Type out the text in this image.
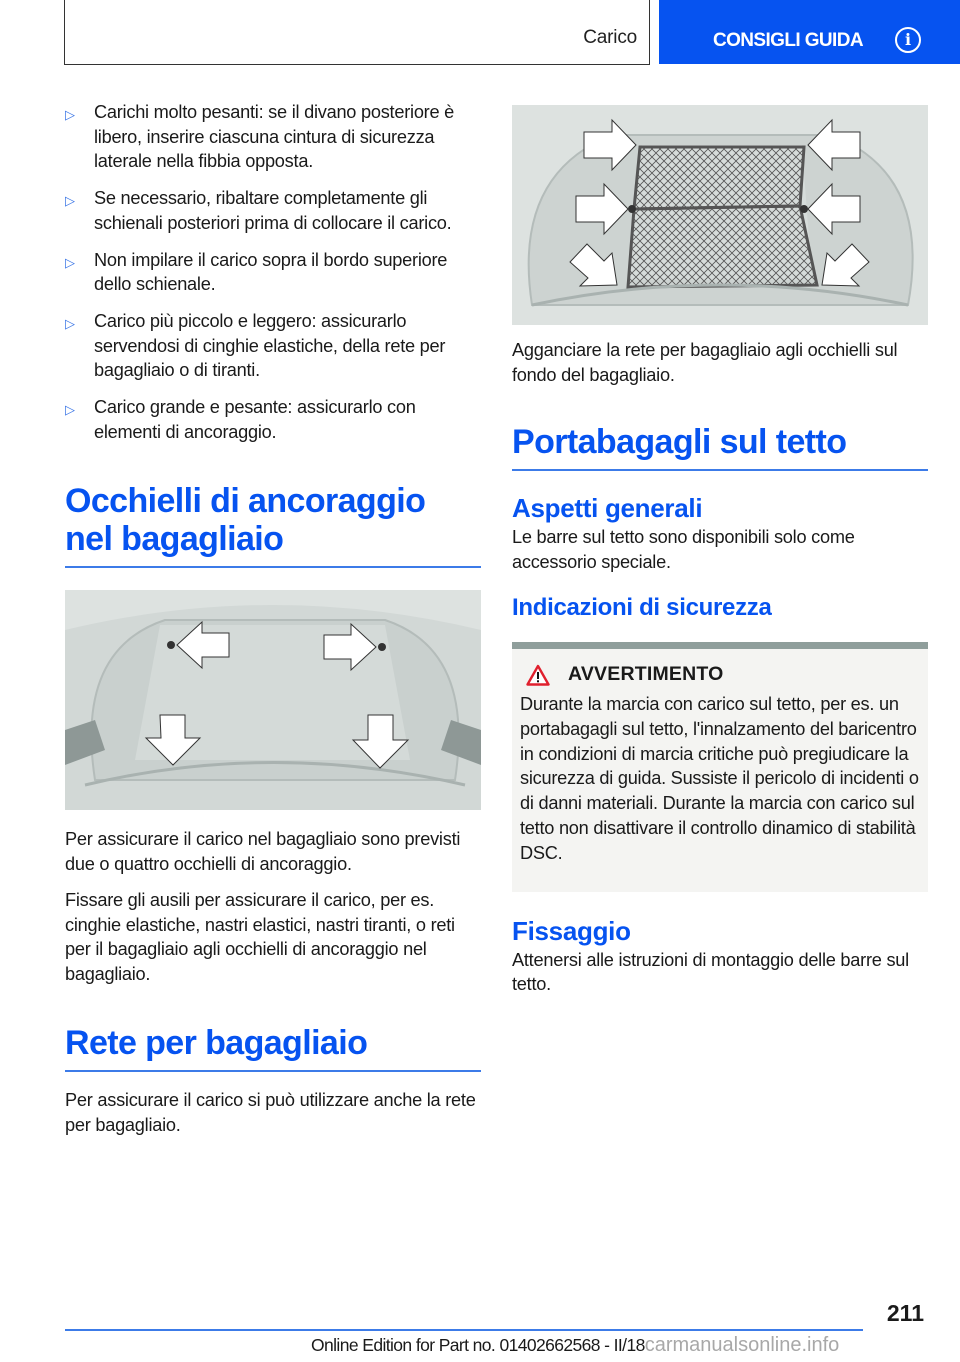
Carico	CONSIGLI GUIDA	i
▷ Carichi molto pesanti: se il divano posteriore è libero, inserire ciascuna cintura di sicurezza laterale nella fibbia opposta.
▷ Se necessario, ribaltare completamente gli schienali posteriori prima di collocare il carico.
▷ Non impilare il carico sopra il bordo superiore dello schienale.
▷ Carico più piccolo e leggero: assicurarlo servendosi di cinghie elastiche, della rete per bagagliaio o di tiranti.
▷ Carico grande e pesante: assicurarlo con elementi di ancoraggio.
Occhielli di ancoraggio nel bagagliaio

Per assicurare il carico nel bagagliaio sono previsti due o quattro occhielli di ancoraggio.

Fissare gli ausili per assicurare il carico, per es. cinghie elastiche, nastri elastici, nastri tiranti, o reti per il bagagliaio agli occhielli di ancoraggio nel bagagliaio.

Rete per bagagliaio

Per assicurare il carico si può utilizzare anche la rete per bagagliaio.

Agganciare la rete per bagagliaio agli occhielli sul fondo del bagagliaio.

Portabagagli sul tetto
Aspetti generali

Le barre sul tetto sono disponibili solo come accessorio speciale.

Indicazioni di sicurezza
AVVERTIMENTO

Durante la marcia con carico sul tetto, per es. un portabagagli sul tetto, l'innalzamento del baricentro in condizioni di marcia critiche può pregiudicare la sicurezza di guida. Sussiste il pericolo di incidenti o di danni materiali. Durante la marcia con carico sul tetto non disattivare il controllo dinamico di stabilità DSC.

Fissaggio

Attenersi alle istruzioni di montaggio delle barre sul tetto.

211
Online Edition for Part no. 01402662568 - II/18carmanualsonline.info
